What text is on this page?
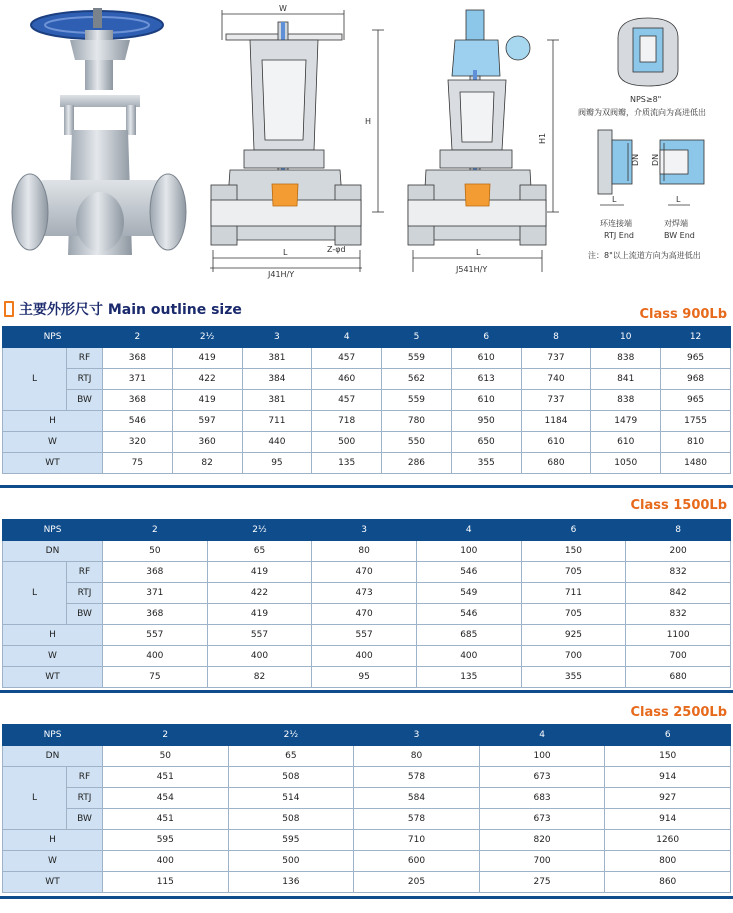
W
H
L	Z-φd
J41H/Y
H1
L
J541H/Y
NPS≥8"
阀瓣为双阀瓣，介质流向为高进低出
DN
L
环连接端
RTJ End
DN
L
对焊端
BW End
注：8"以上流道方向为高进低出
主要外形尺寸 Main outline size	Class 900Lb
NPS		2	2½	3	4	5	6	8	10	12
L	RF	368	419	381	457	559	610	737	838	965
	RTJ	371	422	384	460	562	613	740	841	968
	BW	368	419	381	457	559	610	737	838	965
H		546	597	711	718	780	950	1184	1479	1755
W		320	360	440	500	550	650	610	610	810
WT		75	82	95	135	286	355	680	1050	1480
Class 1500Lb
NPS		2	2½	3	4	6	8
DN		50	65	80	100	150	200
L	RF	368	419	470	546	705	832
	RTJ	371	422	473	549	711	842
	BW	368	419	470	546	705	832
H		557	557	557	685	925	1100
W		400	400	400	400	700	700
WT		75	82	95	135	355	680
Class 2500Lb
NPS		2	2½	3	4	6
DN		50	65	80	100	150
L	RF	451	508	578	673	914
	RTJ	454	514	584	683	927
	BW	451	508	578	673	914
H		595	595	710	820	1260
W		400	500	600	700	800
WT		115	136	205	275	860
